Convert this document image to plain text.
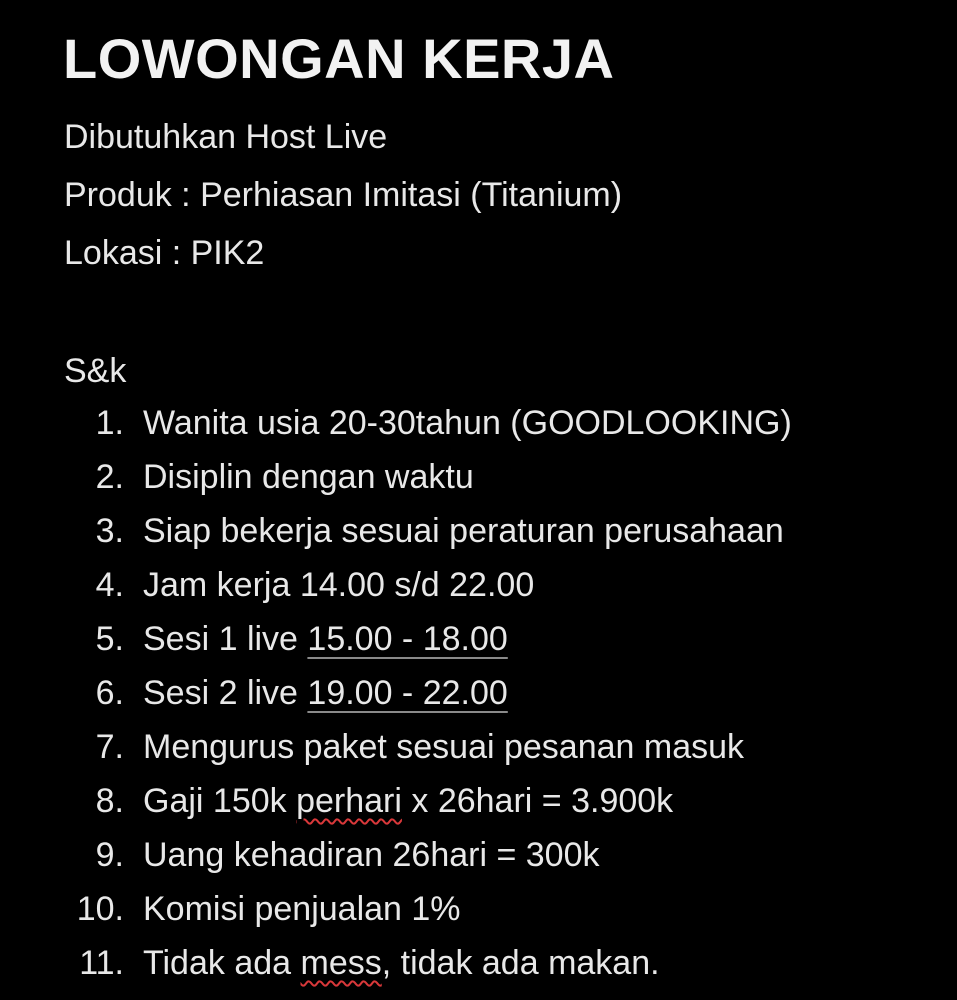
LOWONGAN KERJA
Dibutuhkan Host Live
Produk : Perhiasan Imitasi (Titanium)
Lokasi : PIK2
S&k
1. Wanita usia 20-30tahun (GOODLOOKING)
2. Disiplin dengan waktu
3. Siap bekerja sesuai peraturan perusahaan
4. Jam kerja 14.00 s/d 22.00
5. Sesi 1 live 15.00 - 18.00
6. Sesi 2 live 19.00 - 22.00
7. Mengurus paket sesuai pesanan masuk
8. Gaji 150k perhari x 26hari = 3.900k
9. Uang kehadiran 26hari = 300k
10. Komisi penjualan 1%
11. Tidak ada mess, tidak ada makan.
